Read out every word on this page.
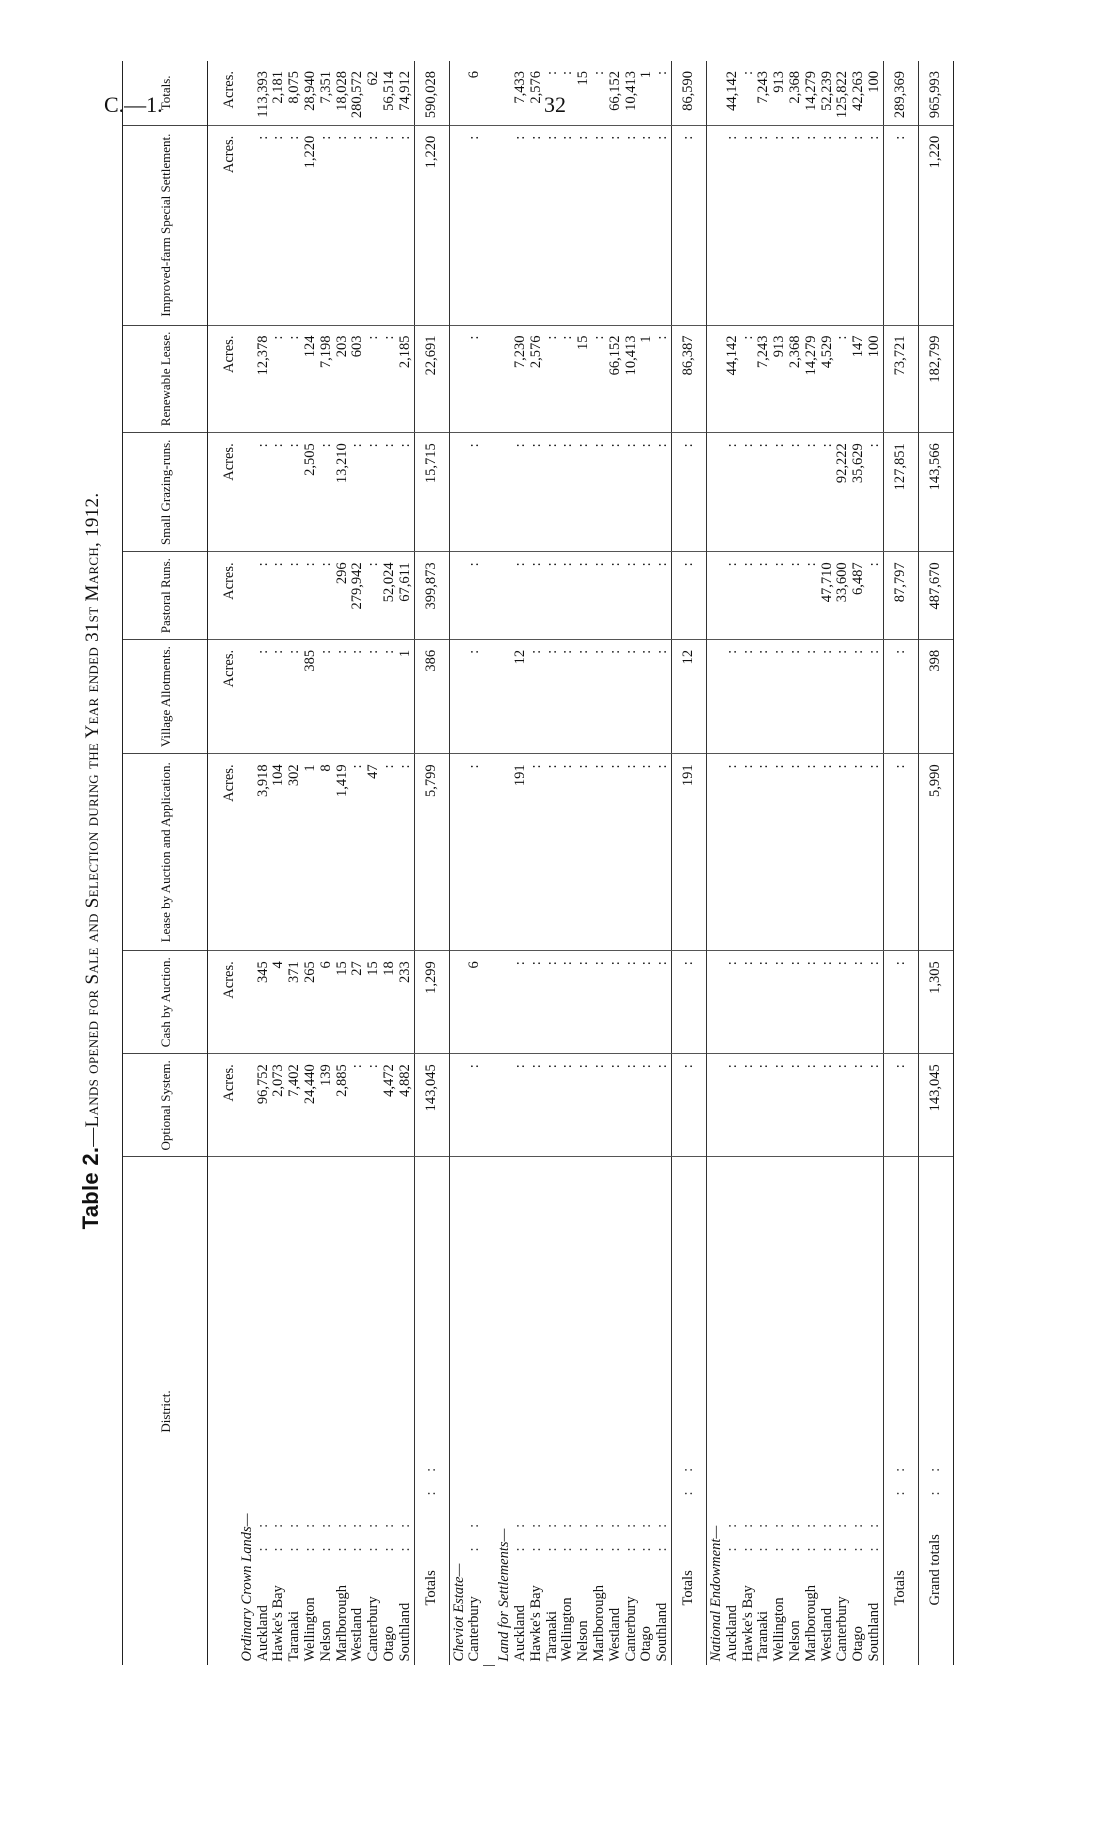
C.—1.	32
Table 2.—Lands opened for Sale and Selection during the Year ended 31st March, 1912.
District.	Optional System.	Cash by Auction.	Lease by Auction and Application.	Village Allotments.	Pastoral Runs.	Small Grazing-runs.	Renewable Lease.	Improved-farm Special Settlement.	Totals.
	Acres.	Acres.	Acres.	Acres.	Acres.	Acres.	Acres.	Acres.	Acres.
Ordinary Crown Lands—									
Auckland: :	96,752	345	3,918	:	:	:	12,378	:	113,393
Hawke's Bay: :	2,073	4	104	:	:	:	:	:	2,181
Taranaki: :	7,402	371	302	:	:	:	:	:	8,075
Wellington: :	24,440	265	1	385	:	2,505	124	1,220	28,940
Nelson: :	139	6	8	:	:	:	7,198	:	7,351
Marlborough: :	2,885	15	1,419	:	296	13,210	203	:	18,028
Westland: :	:	27	:	:	279,942	:	603	:	280,572
Canterbury: :	:	15	47	:	:	:	:	:	62
Otago: :	4,472	18	:	:	52,024	:	:	:	56,514
Southland: :	4,882	233	:	1	67,611	:	2,185	:	74,912
Totals: :	143,045	1,299	5,799	386	399,873	15,715	22,691	1,220	590,028
Cheviot Estate—									
Canterbury: :	:	6	:	:	:	:	:	:	6

Land for Settlements—									
Auckland: :	:	:	191	12	:	:	7,230	:	7,433
Hawke's Bay: :	:	:	:	:	:	:	2,576	:	2,576
Taranaki: :	:	:	:	:	:	:	:	:	:
Wellington: :	:	:	:	:	:	:	:	:	:
Nelson: :	:	:	:	:	:	:	15	:	15
Marlborough: :	:	:	:	:	:	:	:	:	:
Westland: :	:	:	:	:	:	:	66,152	:	66,152
Canterbury: :	:	:	:	:	:	:	10,413	:	10,413
Otago: :	:	:	:	:	:	:	1	:	1
Southland: :	:	:	:	:	:	:	:	:	:
Totals: :	:	:	191	12	:	:	86,387	:	86,590
National Endowment—									
Auckland: :	:	:	:	:	:	:	44,142	:	44,142
Hawke's Bay: :	:	:	:	:	:	:	:	:	:
Taranaki: :	:	:	:	:	:	:	7,243	:	7,243
Wellington: :	:	:	:	:	:	:	913	:	913
Nelson: :	:	:	:	:	:	:	2,368	:	2,368
Marlborough: :	:	:	:	:	:	:	14,279	:	14,279
Westland: :	:	:	:	:	47,710	:	4,529	:	52,239
Canterbury: :	:	:	:	:	33,600	92,222	:	:	125,822
Otago: :	:	:	:	:	6,487	35,629	147	:	42,263
Southland: :	:	:	:	:	:	:	100	:	100
Totals: :	:	:	:	:	87,797	127,851	73,721	:	289,369
Grand totals: :	143,045	1,305	5,990	398	487,670	143,566	182,799	1,220	965,993
